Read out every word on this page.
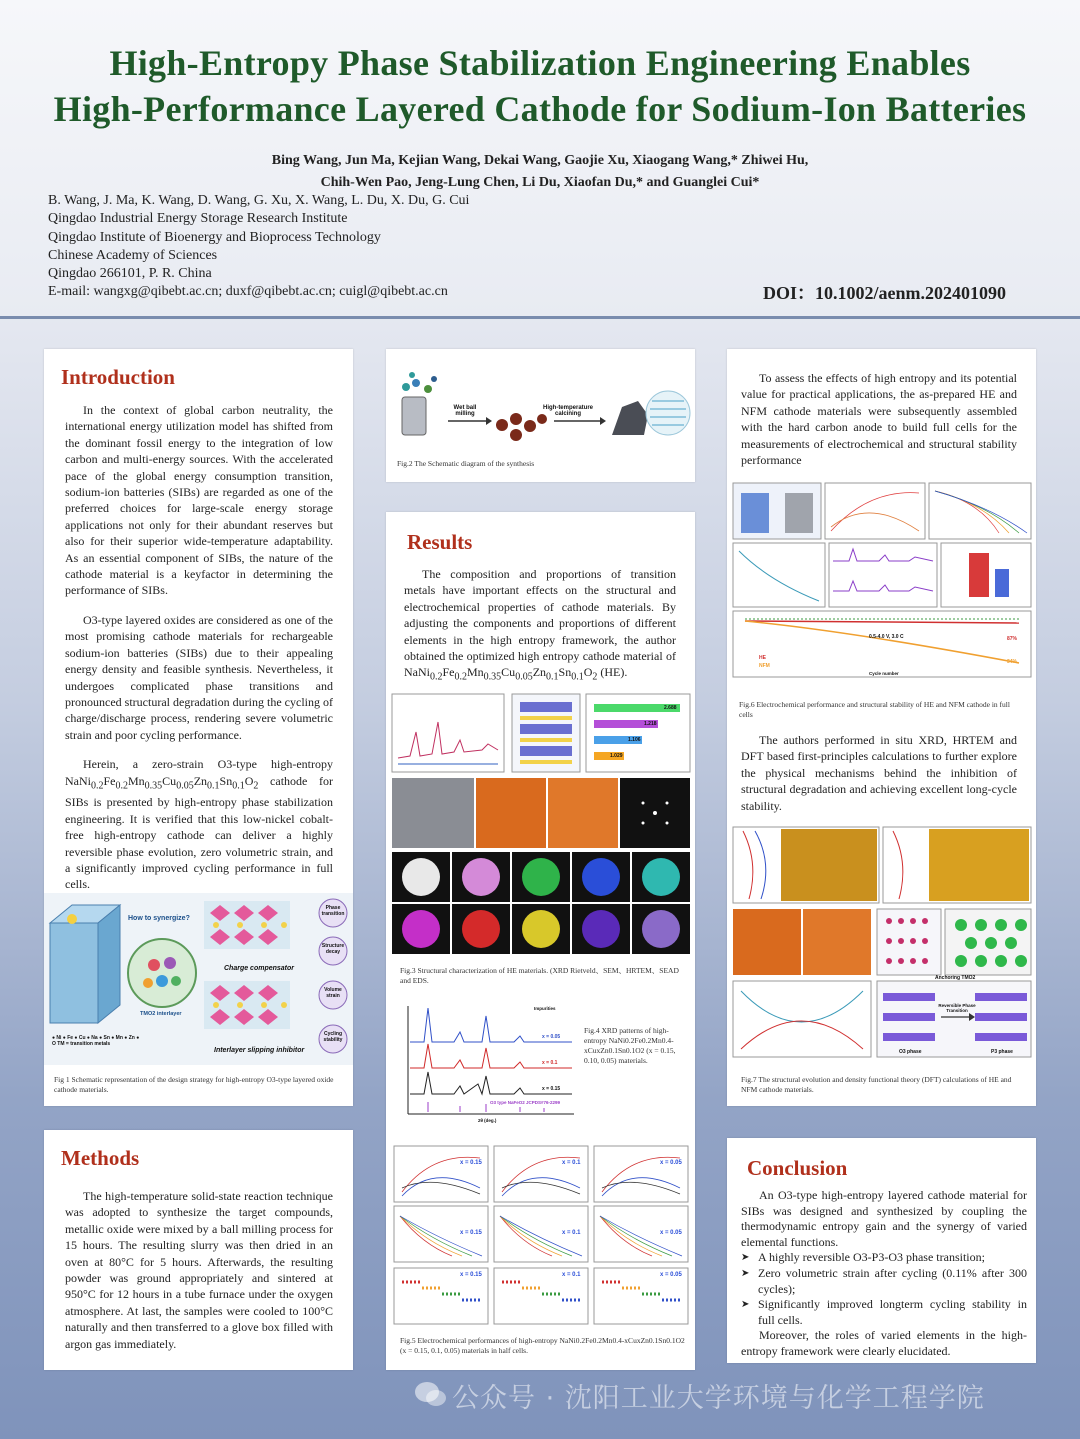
High-Entropy Phase Stabilization Engineering Enables
High-Performance Layered Cathode for Sodium-Ion Batteries
Bing Wang, Jun Ma, Kejian Wang, Dekai Wang, Gaojie Xu, Xiaogang Wang,* Zhiwei Hu,
Chih-Wen Pao, Jeng-Lung Chen, Li Du, Xiaofan Du,* and Guanglei Cui*
B. Wang, J. Ma, K. Wang, D. Wang, G. Xu, X. Wang, L. Du, X. Du, G. Cui
Qingdao Industrial Energy Storage Research Institute
Qingdao Institute of Bioenergy and Bioprocess Technology
Chinese Academy of Sciences
Qingdao 266101, P. R. China
E-mail: wangxg@qibebt.ac.cn; duxf@qibebt.ac.cn; cuigl@qibebt.ac.cn	DOI：10.1002/aenm.202401090
Introduction

In the context of global carbon neutrality, the international energy utilization model has shifted from the dominant fossil energy to the integration of low carbon and multi-energy sources. With the accelerated pace of the global energy consumption transition, sodium-ion batteries (SIBs) are regarded as one of the preferred choices for large-scale energy storage applications not only for their abundant reserves but also for their superior wide-temperature adaptability. As an essential component of SIBs, the nature of the cathode material is a keyfactor in determining the performance of SIBs.

O3-type layered oxides are considered as one of the most promising cathode materials for rechargeable sodium-ion batteries (SIBs) due to their appealing energy density and feasible synthesis. Nevertheless, it undergoes complicated phase transitions and pronounced structural degradation during the cycling of charge/discharge process, rendering severe volumetric strain and poor cycling performance.

Herein, a zero-strain O3-type high-entropy $NaNi_{0.2}Fe_{0.2}Mn_{0.35}Cu_{0.05}Zn_{0.1}Sn_{0.1}O_2$ cathode for SIBs is presented by high-entropy phase stabilization engineering. It is verified that this low-nickel cobalt-free high-entropy cathode can deliver a highly reversible phase evolution, zero volumetric strain, and a significantly improved cycling performance in full cells.

How to synergize?
Phase transition
Structure decay
Volume strain
Cycling stability
Charge compensator
Interlayer slipping inhibitor
TMO2 interlayer
● Ni ● Fe ● Cu ● Na ● Sn ● Mn ● Zn ● O TM = transition metals
Fig 1 Schematic representation of the design strategy for high-entropy O3-type layered oxide cathode materials.
Methods

The high-temperature solid-state reaction technique was adopted to synthesize the target compounds, metallic oxide were mixed by a ball milling process for 15 hours. The resulting slurry was then dried in an oven at 80°C for 5 hours. Afterwards, the resulting powder was ground appropriately and sintered at 950°C for 12 hours in a tube furnace under the oxygen atmosphere. At last, the samples were cooled to 100°C naturally and then transferred to a glove box filled with argon gas immediately.

Wet ball milling
High-temperature calcining
Fig.2 The Schematic diagram of the synthesis
Results

The composition and proportions of transition metals have important effects on the structural and electrochemical properties of cathode materials. By adjusting the components and proportions of different elements in the high entropy framework, the author obtained the optimized high entropy cathode material of $NaNi_{0.2}Fe_{0.2}Mn_{0.35}Cu_{0.05}Zn_{0.1}Sn_{0.1}O_2$ (HE).

2.688
1.218
1.106
1.029
Fig.3 Structural characterization of HE materials. (XRD Rietveld、SEM、HRTEM、SEAD and EDS.
x = 0.05
x = 0.1
x = 0.15
O3 type NaFeO2 JCPDS#76-2299
Impurities
2θ (deg.)
Fig.4 XRD patterns of high-entropy NaNi0.2Fe0.2Mn0.4-xCuxZn0.1Sn0.1O2 (x = 0.15, 0.10, 0.05) materials.
x = 0.15	x = 0.1	x = 0.05
x = 0.15	x = 0.1	x = 0.05
x = 0.15	x = 0.1	x = 0.05
Fig.5 Electrochemical performances of high-entropy NaNi0.2Fe0.2Mn0.4-xCuxZn0.1Sn0.1O2 (x = 0.15, 0.1, 0.05) materials in half cells.

To assess the effects of high entropy and its potential value for practical applications, the as-prepared HE and NFM cathode materials were subsequently assembled with the hard carbon anode to build full cells for the measurements of electrochemical and structural stability performance

0.5-4.0 V, 3.0 C	87%
34%
HE
NFM
Cycle number
Fig.6 Electrochemical performance and structural stability of HE and NFM cathode in full cells

The authors performed in situ XRD, HRTEM and DFT based first-principles calculations to further explore the physical mechanisms behind the inhibition of structural degradation and achieving excellent long-cycle stability.

Anchoring TMO2
Reversible Phase Transition
O3 phase	P3 phase
Fig.7 The structural evolution and density functional theory (DFT) calculations of HE and NFM cathode materials.
Conclusion

An O3-type high-entropy layered cathode material for SIBs was designed and synthesized by coupling the thermodynamic entropy gain and the synergy of varied elemental functions.

➤ A highly reversible O3-P3-O3 phase transition;
➤ Zero volumetric strain after cycling (0.11% after 300 cycles);
➤ Significantly improved longterm cycling stability in full cells.

Moreover, the roles of varied elements in the high-entropy framework were clearly elucidated.

公众号 · 沈阳工业大学环境与化学工程学院
